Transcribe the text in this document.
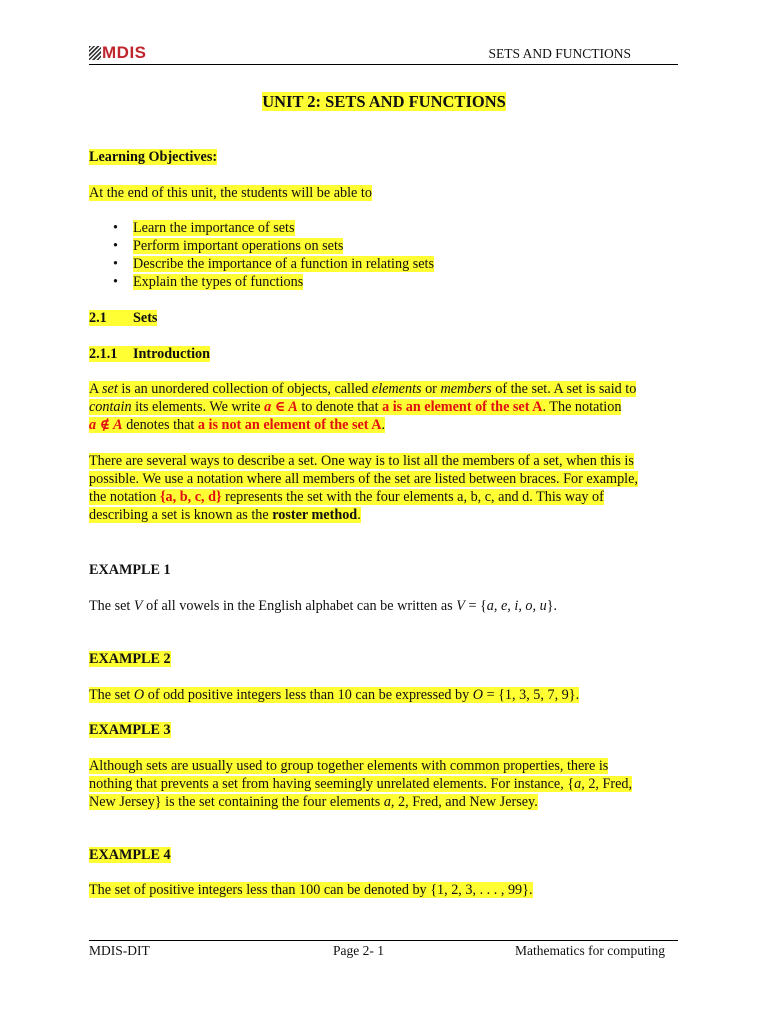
MDIS	SETS AND FUNCTIONS
UNIT 2: SETS AND FUNCTIONS
Learning Objectives:
At the end of this unit, the students will be able to
• Learn the importance of sets
• Perform important operations on sets
• Describe the importance of a function in relating sets
• Explain the types of functions
2.1 Sets
2.1.1 Introduction
A set is an unordered collection of objects, called elements or members of the set. A set is said to
contain its elements. We write a ∈ A to denote that a is an element of the set A. The notation
a ∉ A denotes that a is not an element of the set A.
There are several ways to describe a set. One way is to list all the members of a set, when this is
possible. We use a notation where all members of the set are listed between braces. For example,
the notation {a, b, c, d} represents the set with the four elements a, b, c, and d. This way of
describing a set is known as the roster method.
EXAMPLE 1
The set V of all vowels in the English alphabet can be written as V = {a, e, i, o, u}.
EXAMPLE 2
The set O of odd positive integers less than 10 can be expressed by O = {1, 3, 5, 7, 9}.
EXAMPLE 3
Although sets are usually used to group together elements with common properties, there is
nothing that prevents a set from having seemingly unrelated elements. For instance, {a, 2, Fred,
New Jersey} is the set containing the four elements a, 2, Fred, and New Jersey.
EXAMPLE 4
The set of positive integers less than 100 can be denoted by {1, 2, 3, . . . , 99}.
MDIS-DIT	Page 2- 1	Mathematics for computing
